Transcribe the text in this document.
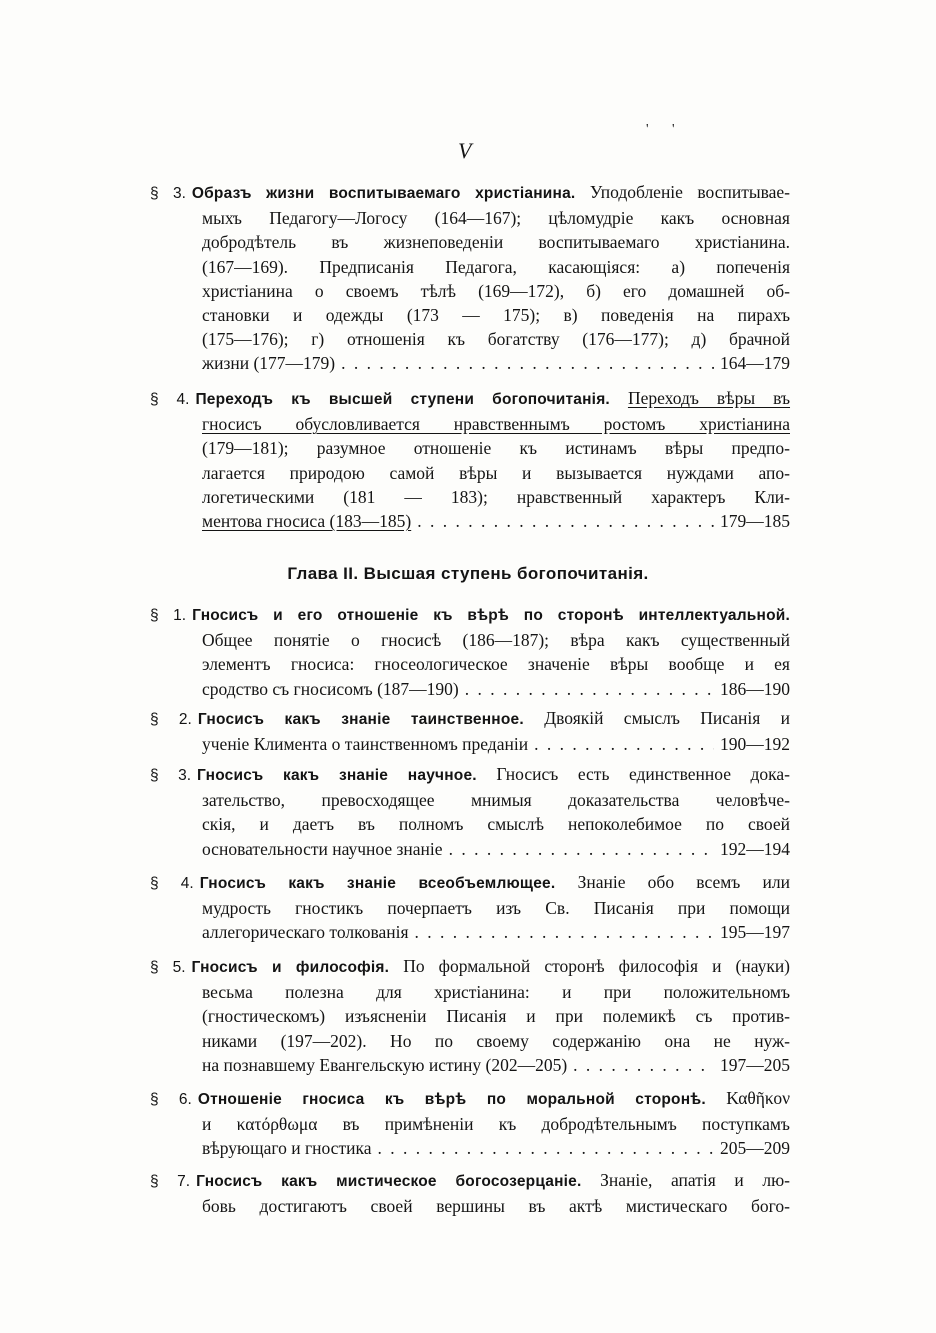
V
' '
§ 3. Образъ жизни воспитываемаго христіанина. Уподобленіе воспитывае-
мыхъ Педагогу—Логосу (164—167); цѣломудріе какъ основная
добродѣтель въ жизнеповеденіи воспитываемаго христіанина.
(167—169). Предписанія Педагога, касающіяся: а) попеченія
христіанина о своемъ тѣлѣ (169—172), б) его домашней об-
становки и одежды (173 — 175); в) поведенія на пирахъ
(175—176); г) отношенія къ богатству (176—177); д) брачной
жизни (177—179) . . .	164—179
§ 4. Переходъ къ высшей ступени богопочитанія. Переходъ вѣры въ
гносисъ обусловливается нравственнымъ ростомъ христіанина
(179—181); разумное отношеніе къ истинамъ вѣры предпо-
лагается природою самой вѣры и вызывается нуждами апо-
логетическими (181 — 183); нравственный характеръ Кли-
ментова гносиса (183—185) . . .	179—185
Глава II. Высшая ступень богопочитанія.
§ 1. Гносисъ и его отношеніе къ вѣрѣ по сторонѣ интеллектуальной.
Общее понятіе о гносисѣ (186—187); вѣра какъ существенный
элементъ гносиса: гносеологическое значеніе вѣры вообще и ея
сродство съ гносисомъ (187—190) . . .	186—190
§ 2. Гносисъ какъ знаніе таинственное. Двоякій смыслъ Писанія и
ученіе Климента о таинственномъ преданіи . . .	190—192
§ 3. Гносисъ какъ знаніе научное. Гносисъ есть единственное дока-
зательство, превосходящее мнимыя доказательства человѣче-
скія, и даетъ въ полномъ смыслѣ непоколебимое по своей
основательности научное знаніе . . .	192—194
§ 4. Гносисъ какъ знаніе всеобъемлющее. Знаніе обо всемъ или
мудрость гностикъ почерпаетъ изъ Св. Писанія при помощи
аллегорическаго толкованія . . .	195—197
§ 5. Гносисъ и философія. По формальной сторонѣ философія и (науки)
весьма полезна для христіанина: и при положительномъ
(гностическомъ) изъясненіи Писанія и при полемикѣ съ против-
никами (197—202). Но по своему содержанію она не нуж-
на познавшему Евангельскую истину (202—205) . . .	197—205
§ 6. Отношеніе гносиса къ вѣрѣ по моральной сторонѣ. Καθῆκον
и κατόρθωμα въ примѣненіи къ добродѣтельнымъ поступкамъ
вѣрующаго и гностика . . .	205—209
§ 7. Гносисъ какъ мистическое богосозерцаніе. Знаніе, апатія и лю-
бовь достигаютъ своей вершины въ актѣ мистическаго бого-
